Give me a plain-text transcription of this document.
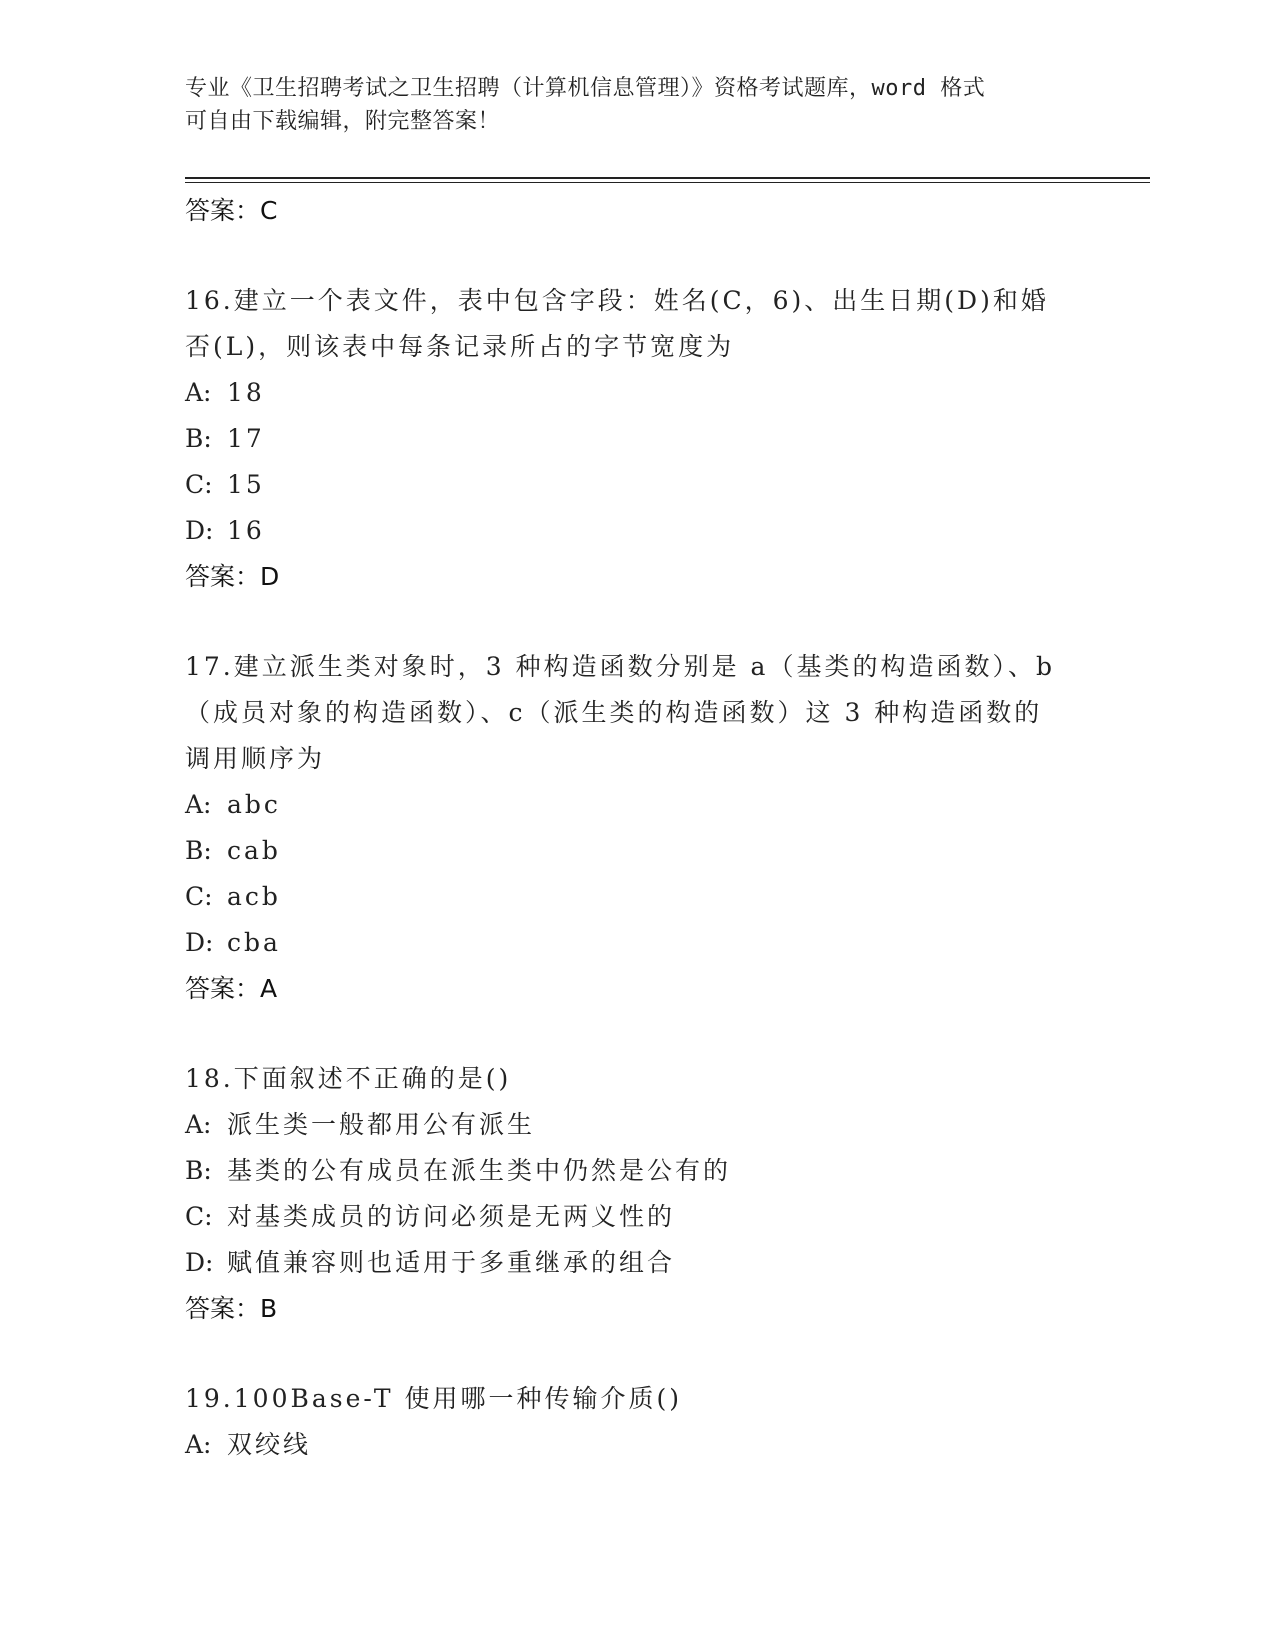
专业《卫生招聘考试之卫生招聘（计算机信息管理）》资格考试题库，word 格式
可自由下载编辑，附完整答案！
答案：C
16.建立一个表文件，表中包含字段：姓名(C，6)、出生日期(D)和婚
否(L)，则该表中每条记录所占的字节宽度为
A: 18
B: 17
C: 15
D: 16
答案：D
17.建立派生类对象时，3 种构造函数分别是 a（基类的构造函数）、b
（成员对象的构造函数）、c（派生类的构造函数）这 3 种构造函数的
调用顺序为
A: abc
B: cab
C: acb
D: cba
答案：A
18.下面叙述不正确的是()
A: 派生类一般都用公有派生
B: 基类的公有成员在派生类中仍然是公有的
C: 对基类成员的访问必须是无两义性的
D: 赋值兼容则也适用于多重继承的组合
答案：B
19.100Base-T 使用哪一种传输介质()
A: 双绞线
